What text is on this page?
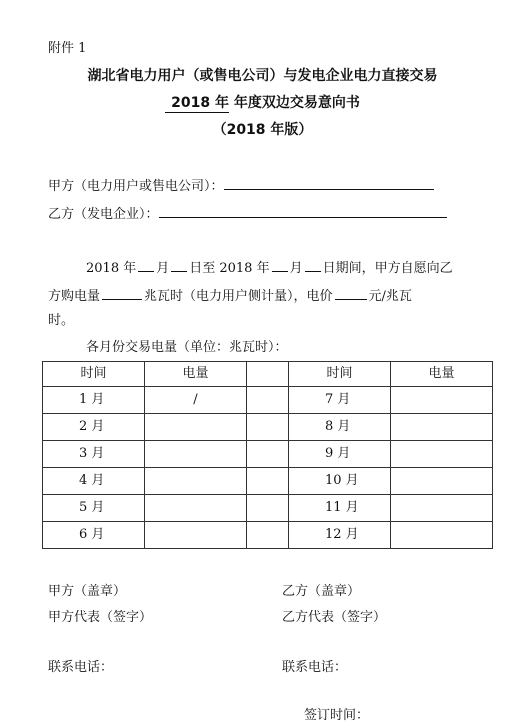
附件 1
湖北省电力用户（或售电公司）与发电企业电力直接交易
2018 年 年度双边交易意向书
（2018 年版）
甲方（电力用户或售电公司）：
乙方（发电企业）：
2018 年 月 日至 2018 年 月 日期间，甲方自愿向乙
方购电量	兆瓦时（电力用户侧计量），电价	元/兆瓦
时。
各月份交易电量（单位：兆瓦时）：
时间	电量		时间	电量
1 月	/		7 月	
2 月			8 月	
3 月			9 月	
4 月			10 月	
5 月			11 月	
6 月			12 月	
甲方（盖章）	乙方（盖章）
甲方代表（签字）	乙方代表（签字）
联系电话：	联系电话：
签订时间：
